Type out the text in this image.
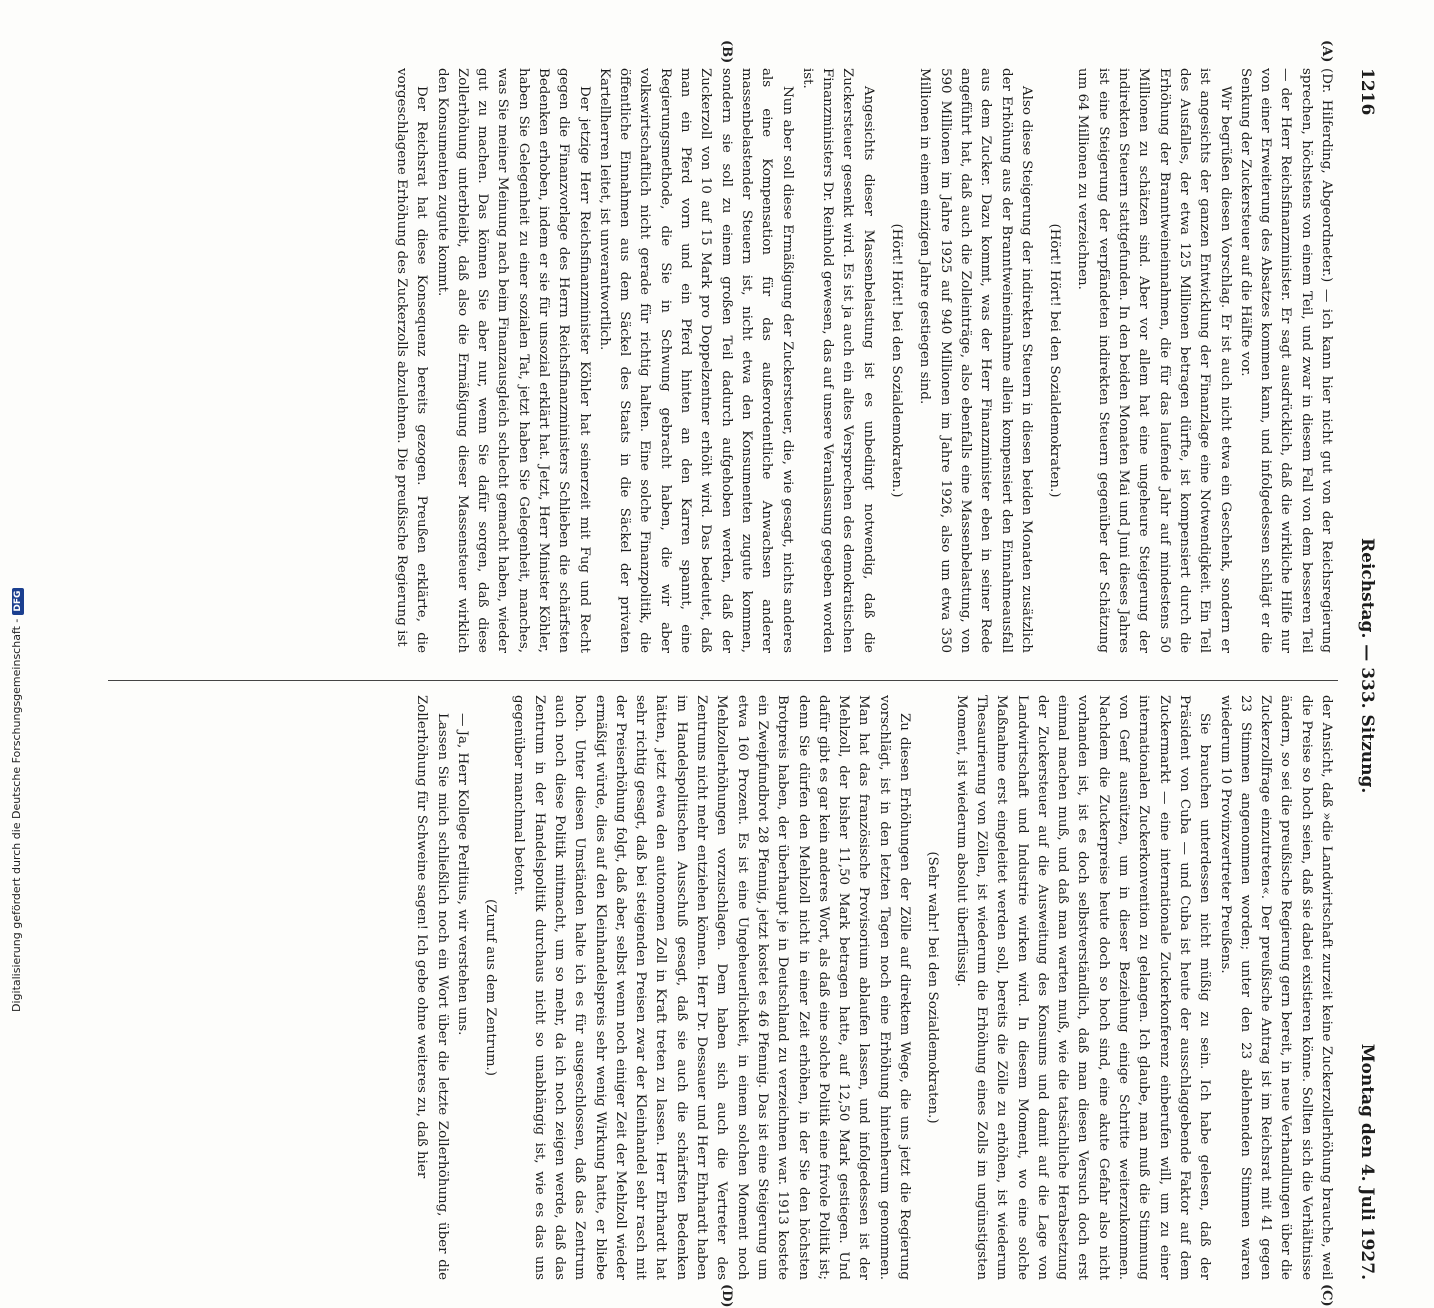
1216
Reichstag. — 333. Sitzung.
Montag den 4. Juli 1927.
(A)
(B)
(C)
(D)

(Dr. Hilferding, Abgeordneter.) — ich kann hier nicht gut von der Reichsregierung sprechen, höchstens von einem Teil, und zwar in diesem Fall von dem besseren Teil — der Herr Reichsfinanzminister. Er sagt ausdrücklich, daß die wirkliche Hilfe nur von einer Erweiterung des Absatzes kommen kann, und infolgedessen schlägt er die Senkung der Zuckersteuer auf die Hälfte vor.

Wir begrüßen diesen Vorschlag. Er ist auch nicht etwa ein Geschenk, sondern er ist angesichts der ganzen Entwicklung der Finanzlage eine Notwendigkeit. Ein Teil des Ausfalles, der etwa 125 Millionen betragen dürfte, ist kompensiert durch die Erhöhung der Branntweineinnahmen, die für das laufende Jahr auf mindestens 50 Millionen zu schätzen sind. Aber vor allem hat eine ungeheure Steigerung der indirekten Steuern stattgefunden. In den beiden Monaten Mai und Juni dieses Jahres ist eine Steigerung der verpfändeten indirekten Steuern gegenüber der Schätzung um 64 Millionen zu verzeichnen.

(Hört! Hört! bei den Sozialdemokraten.)

Also diese Steigerung der indirekten Steuern in diesen beiden Monaten zusätzlich der Erhöhung aus der Branntweineinnahme allein kompensiert den Einnahmeausfall aus dem Zucker. Dazu kommt, was der Herr Finanzminister eben in seiner Rede angeführt hat, daß auch die Zolleinträge, also ebenfalls eine Massenbelastung, von 590 Millionen im Jahre 1925 auf 940 Millionen im Jahre 1926, also um etwa 350 Millionen in einem einzigen Jahre gestiegen sind.

(Hört! Hört! bei den Sozialdemokraten.)

Angesichts dieser Massenbelastung ist es unbedingt notwendig, daß die Zuckersteuer gesenkt wird. Es ist ja auch ein altes Versprechen des demokratischen Finanzministers Dr. Reinhold gewesen, das auf unsere Veranlassung gegeben worden ist.

Nun aber soll diese Ermäßigung der Zuckersteuer, die, wie gesagt, nichts anderes als eine Kompensation für das außerordentliche Anwachsen anderer massenbelastender Steuern ist, nicht etwa den Konsumenten zugute kommen, sondern sie soll zu einem großen Teil dadurch aufgehoben werden, daß der Zuckerzoll von 10 auf 15 Mark pro Doppelzentner erhöht wird. Das bedeutet, daß man ein Pferd vorn und ein Pferd hinten an den Karren spannt, eine Regierungsmethode, die Sie in Schwung gebracht haben, die wir aber volkswirtschaftlich nicht gerade für richtig halten. Eine solche Finanzpolitik, die öffentliche Einnahmen aus dem Säckel des Staats in die Säckel der privaten Kartellherren leitet, ist unverantwortlich.

Der jetzige Herr Reichsfinanzminister Köhler hat seinerzeit mit Fug und Recht gegen die Finanzvorlage des Herrn Reichsfinanzministers Schlieben die schärfsten Bedenken erhoben, indem er sie für unsozial erklärt hat. Jetzt, Herr Minister Köhler, haben Sie Gelegenheit zu einer sozialen Tat, jetzt haben Sie Gelegenheit, manches, was Sie meiner Meinung nach beim Finanzausgleich schlecht gemacht haben, wieder gut zu machen. Das können Sie aber nur, wenn Sie dafür sorgen, daß diese Zollerhöhung unterbleibt, daß also die Ermäßigung dieser Massensteuer wirklich den Konsumenten zugute kommt.

Der Reichsrat hat diese Konsequenz bereits gezogen. Preußen erklärte, die vorgeschlagene Erhöhung des Zuckerzolls abzulehnen. Die preußische Regierung ist

der Ansicht, daß »die Landwirtschaft zurzeit keine Zuckerzollerhöhung brauche, weil die Preise so hoch seien, daß sie dabei existieren könne. Sollten sich die Verhältnisse ändern, so sei die preußische Regierung gern bereit, in neue Verhandlungen über die Zuckerzollfrage einzutreten«. Der preußische Antrag ist im Reichsrat mit 41 gegen 23 Stimmen angenommen worden; unter den 23 ablehnenden Stimmen waren wiederum 10 Provinzvertreter Preußens.

Sie brauchen unterdessen nicht müßig zu sein. Ich habe gelesen, daß der Präsident von Cuba — und Cuba ist heute der ausschlaggebende Faktor auf dem Zuckermarkt — eine internationale Zuckerkonferenz einberufen will, um zu einer internationalen Zuckerkonvention zu gelangen. Ich glaube, man muß die Stimmung von Genf ausnützen, um in dieser Beziehung einige Schritte weiterzukommen. Nachdem die Zuckerpreise heute doch so hoch sind, eine akute Gefahr also nicht vorhanden ist, ist es doch selbstverständlich, daß man diesen Versuch doch erst einmal machen muß, und daß man warten muß, wie die tatsächliche Herabsetzung der Zuckersteuer auf die Ausweitung des Konsums und damit auf die Lage von Landwirtschaft und Industrie wirken wird. In diesem Moment, wo eine solche Maßnahme erst eingeleitet werden soll, bereits die Zölle zu erhöhen, ist wiederum Thesaurierung von Zöllen, ist wiederum die Erhöhung eines Zolls im ungünstigsten Moment, ist wiederum absolut überflüssig.

(Sehr wahr! bei den Sozialdemokraten.)

Zu diesen Erhöhungen der Zölle auf direktem Wege, die uns jetzt die Regierung vorschlägt, ist in den letzten Tagen noch eine Erhöhung hintenherum genommen. Man hat das französische Provisorium ablaufen lassen, und infolgedessen ist der Mehlzoll, der bisher 11,50 Mark betragen hatte, auf 12,50 Mark gestiegen. Und dafür gibt es gar kein anderes Wort, als daß eine solche Politik eine frivole Politik ist; denn Sie dürfen den Mehlzoll nicht in einer Zeit erhöhen, in der Sie den höchsten Brotpreis haben, der überhaupt je in Deutschland zu verzeichnen war. 1913 kostete ein Zweipfundbrot 28 Pfennig, jetzt kostet es 46 Pfennig. Das ist eine Steigerung um etwa 160 Prozent. Es ist eine Ungeheuerlichkeit, in einem solchen Moment noch Mehlzollerhöhungen vorzuschlagen. Dem haben sich auch die Vertreter des Zentrums nicht mehr entziehen können. Herr Dr. Dessauer und Herr Ehrhardt haben im Handelspolitischen Ausschuß gesagt, daß sie auch die schärfsten Bedenken hätten, jetzt etwa den autonomen Zoll in Kraft treten zu lassen. Herr Ehrhardt hat sehr richtig gesagt, daß bei steigenden Preisen zwar der Kleinhandel sehr rasch mit der Preiserhöhung folgt, daß aber, selbst wenn noch einiger Zeit der Mehlzoll wieder ermäßigt würde, dies auf den Kleinhandelspreis sehr wenig Wirkung hatte, er bliebe hoch. Unter diesen Umständen halte ich es für ausgeschlossen, daß das Zentrum auch noch diese Politik mitmacht, um so mehr, da ich noch zeigen werde, daß das Zentrum in der Handelspolitik durchaus nicht so unabhängig ist, wie es das uns gegenüber manchmal betont.

(Zuruf aus dem Zentrum.)

— Ja, Herr Kollege Perlitius, wir verstehen uns.

Lassen Sie mich schließlich noch ein Wort über die letzte Zollerhöhung, über die Zollerhöhung für Schweine sagen! Ich gebe ohne weiteres zu, daß hier

Digitalisierung gefördert durch die Deutsche Forschungsgemeinschaft -DFG
